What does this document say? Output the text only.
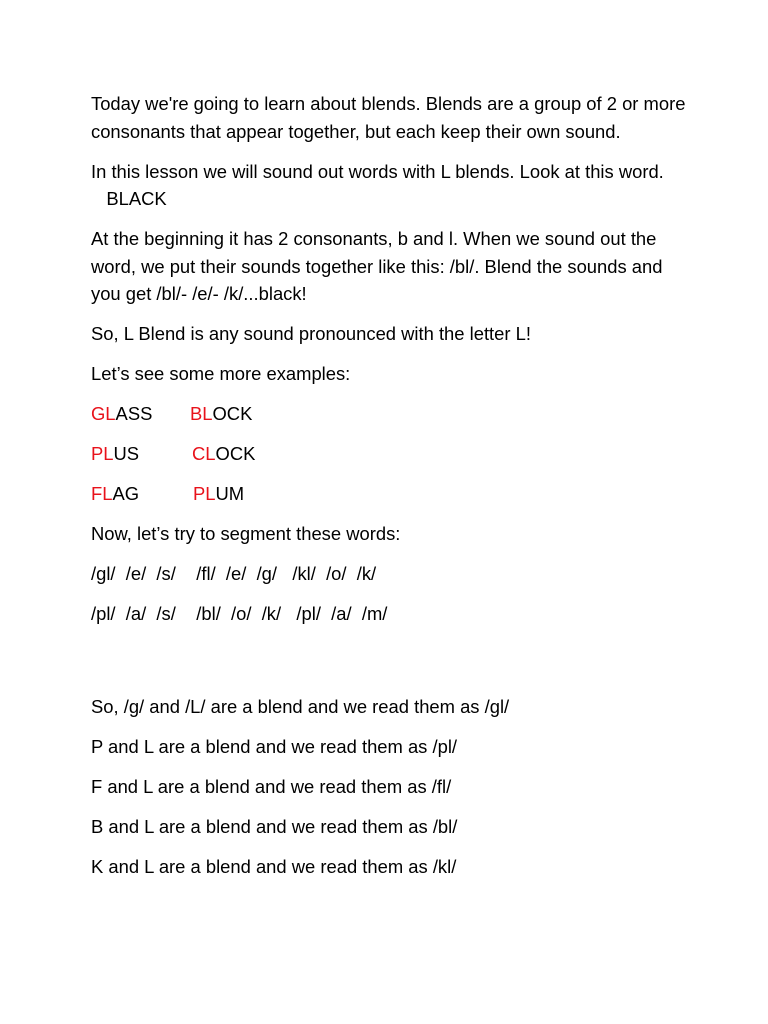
Today we're going to learn about blends. Blends are a group of 2 or more consonants that appear together, but each keep their own sound.

In this lesson we will sound out words with L blends. Look at this word.   BLACK

At the beginning it has 2 consonants, b and l. When we sound out the word, we put their sounds together like this: /bl/. Blend the sounds and you get /bl/- /e/- /k/...black!

So, L Blend is any sound pronounced with the letter L!

Let’s see some more examples:

GLASS BLOCK
PLUS	CLOCK
FLAG	PLUM

Now, let’s try to segment these words:

/gl/  /e/  /s/    /fl/  /e/  /g/   /kl/  /o/  /k/

/pl/  /a/  /s/    /bl/  /o/  /k/   /pl/  /a/  /m/

So, /g/ and /L/ are a blend and we read them as /gl/

P and L are a blend and we read them as /pl/

F and L are a blend and we read them as /fl/

B and L are a blend and we read them as /bl/

K and L are a blend and we read them as /kl/
